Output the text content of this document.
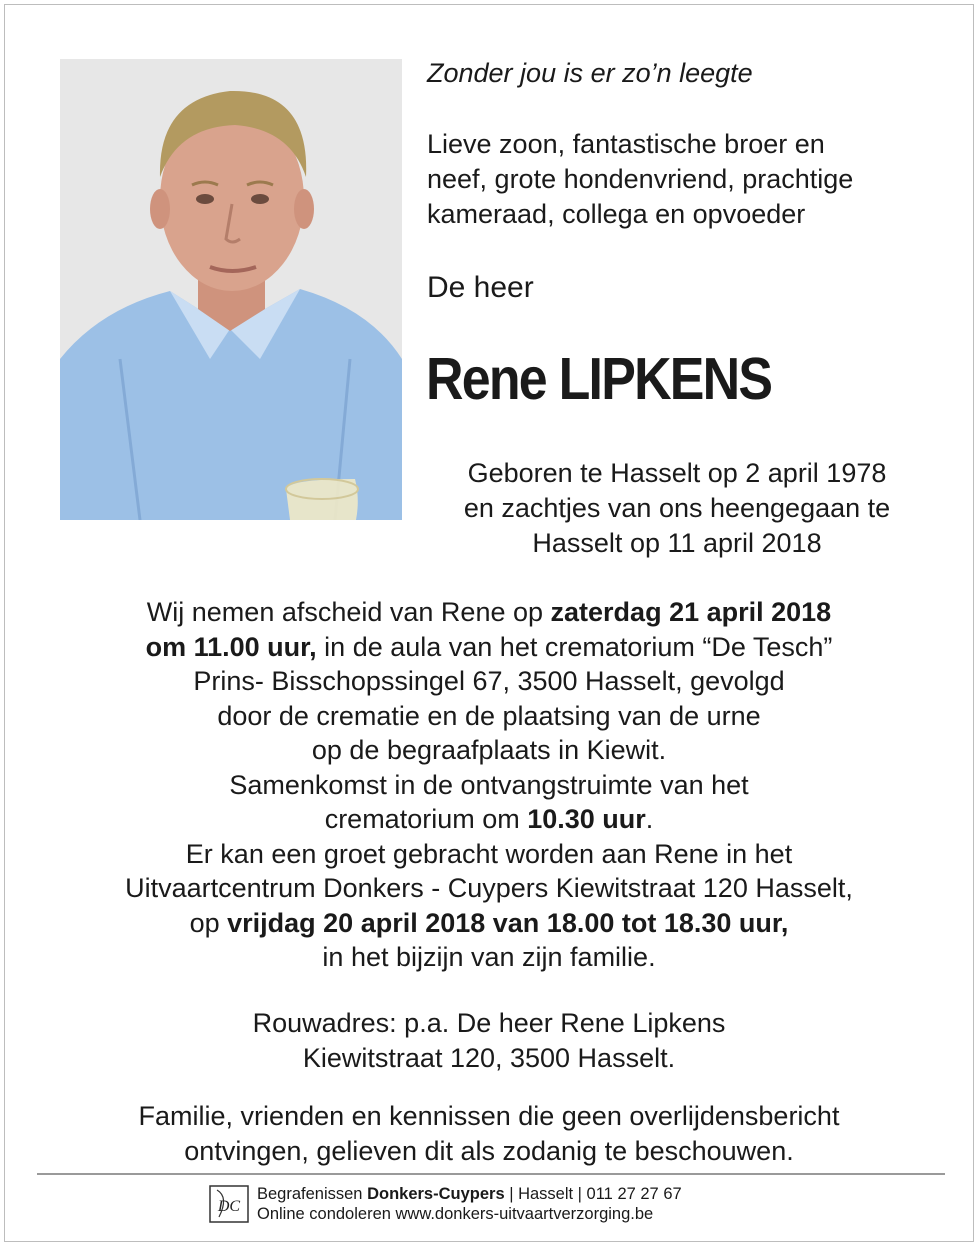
Zonder jou is er zo’n leegte
Lieve zoon, fantastische broer en
neef, grote hondenvriend, prachtige
kameraad, collega en opvoeder
De heer
Rene LIPKENS
Geboren te Hasselt op 2 april 1978
en zachtjes van ons heengegaan te
Hasselt op 11 april 2018
Wij nemen afscheid van Rene op zaterdag 21 april 2018
om 11.00 uur, in de aula van het crematorium “De Tesch”
Prins- Bisschopssingel 67, 3500 Hasselt, gevolgd
door de crematie en de plaatsing van de urne
op de begraafplaats in Kiewit.
Samenkomst in de ontvangstruimte van het
crematorium om 10.30 uur.
Er kan een groet gebracht worden aan Rene in het
Uitvaartcentrum Donkers - Cuypers Kiewitstraat 120 Hasselt,
op vrijdag 20 april 2018 van 18.00 tot 18.30 uur,
in het bijzijn van zijn familie.
Rouwadres: p.a. De heer Rene Lipkens
Kiewitstraat 120, 3500 Hasselt.
Familie, vrienden en kennissen die geen overlijdensbericht
ontvingen, gelieven dit als zodanig te beschouwen.
DC
Begrafenissen Donkers-Cuypers | Hasselt | 011 27 27 67
Online condoleren www.donkers-uitvaartverzorging.be
